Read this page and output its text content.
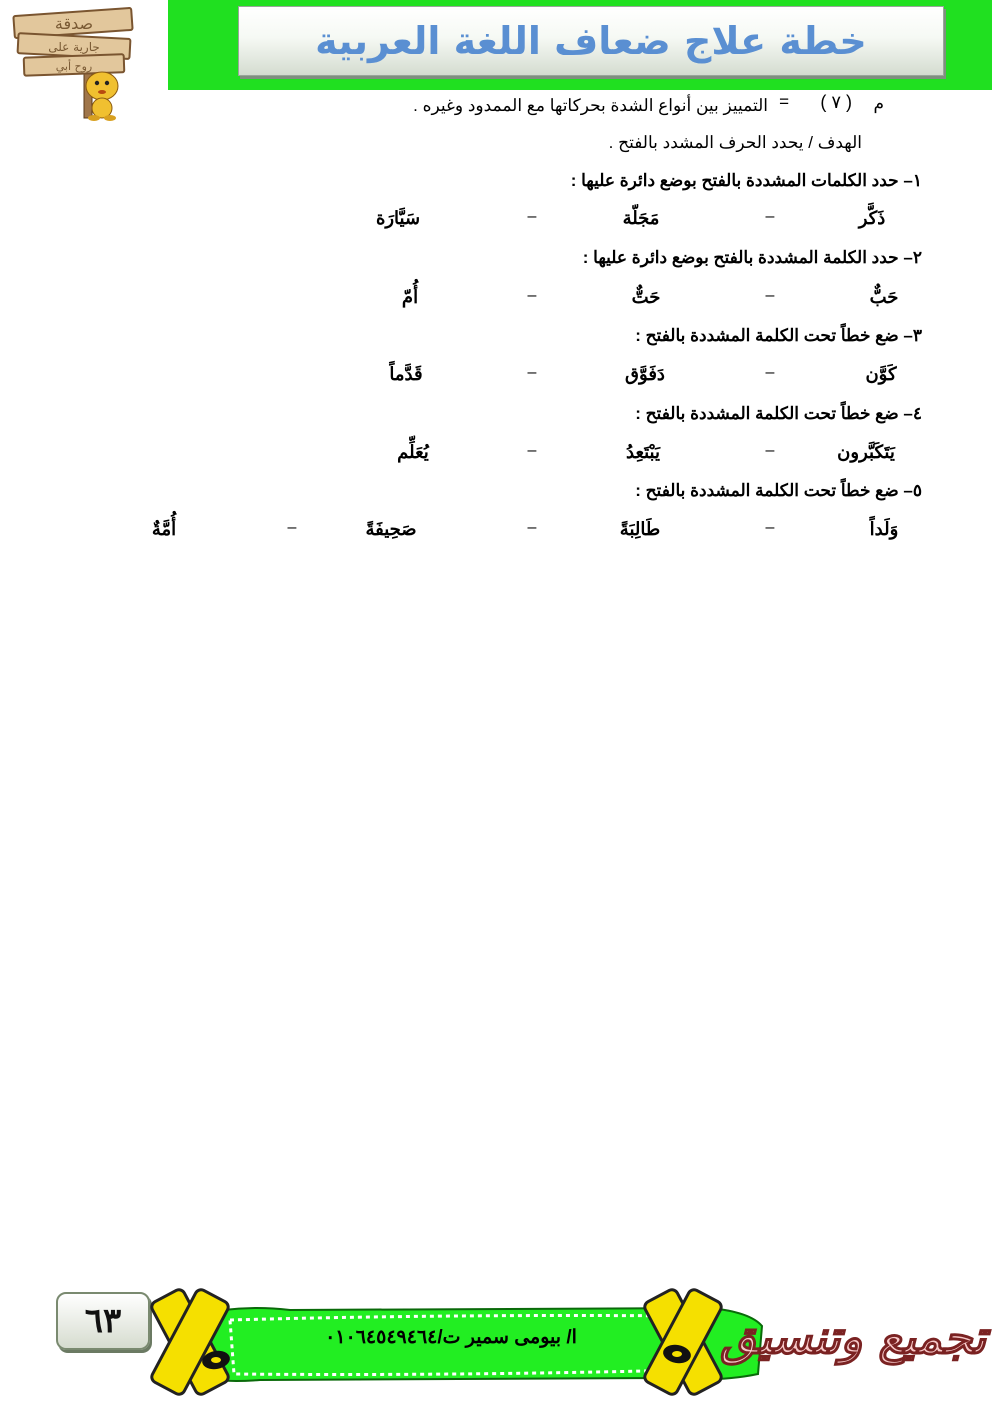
خطة علاج ضعاف اللغة العربية
صدقة
جارية على
روح أبي
م
( ٧ )
=
التمييز بين أنواع الشدة بحركاتها مع الممدود وغيره .
الهدف / يحدد الحرف المشدد بالفتح .
١– حدد الكلمات المشددة بالفتح بوضع دائرة عليها :
ذَكَّر
–
مَجَلّة
–
سَيَّارَة
٢– حدد الكلمة المشددة بالفتح بوضع دائرة عليها :
حَبٌّ
–
حَتٌّ
–
أُمّ
٣– ضع خطاً تحت الكلمة المشددة بالفتح :
كَوَّن
–
دَفَوَّق
–
قَدَّماً
٤– ضع خطاً تحت الكلمة المشددة بالفتح :
يَتَكَبَّرون
–
يَبْتَعِدُ
–
يُعَلِّم
٥– ضع خطاً تحت الكلمة المشددة بالفتح :
وَلَداً
–
طَالِبَةً
–
صَحِيفَةً
–
أُمَّةٌ
٦٣	ا/ بيومى سمير ت/٠١٠٦٤٥٤٩٤٦٤	تجميع وتنسيق
